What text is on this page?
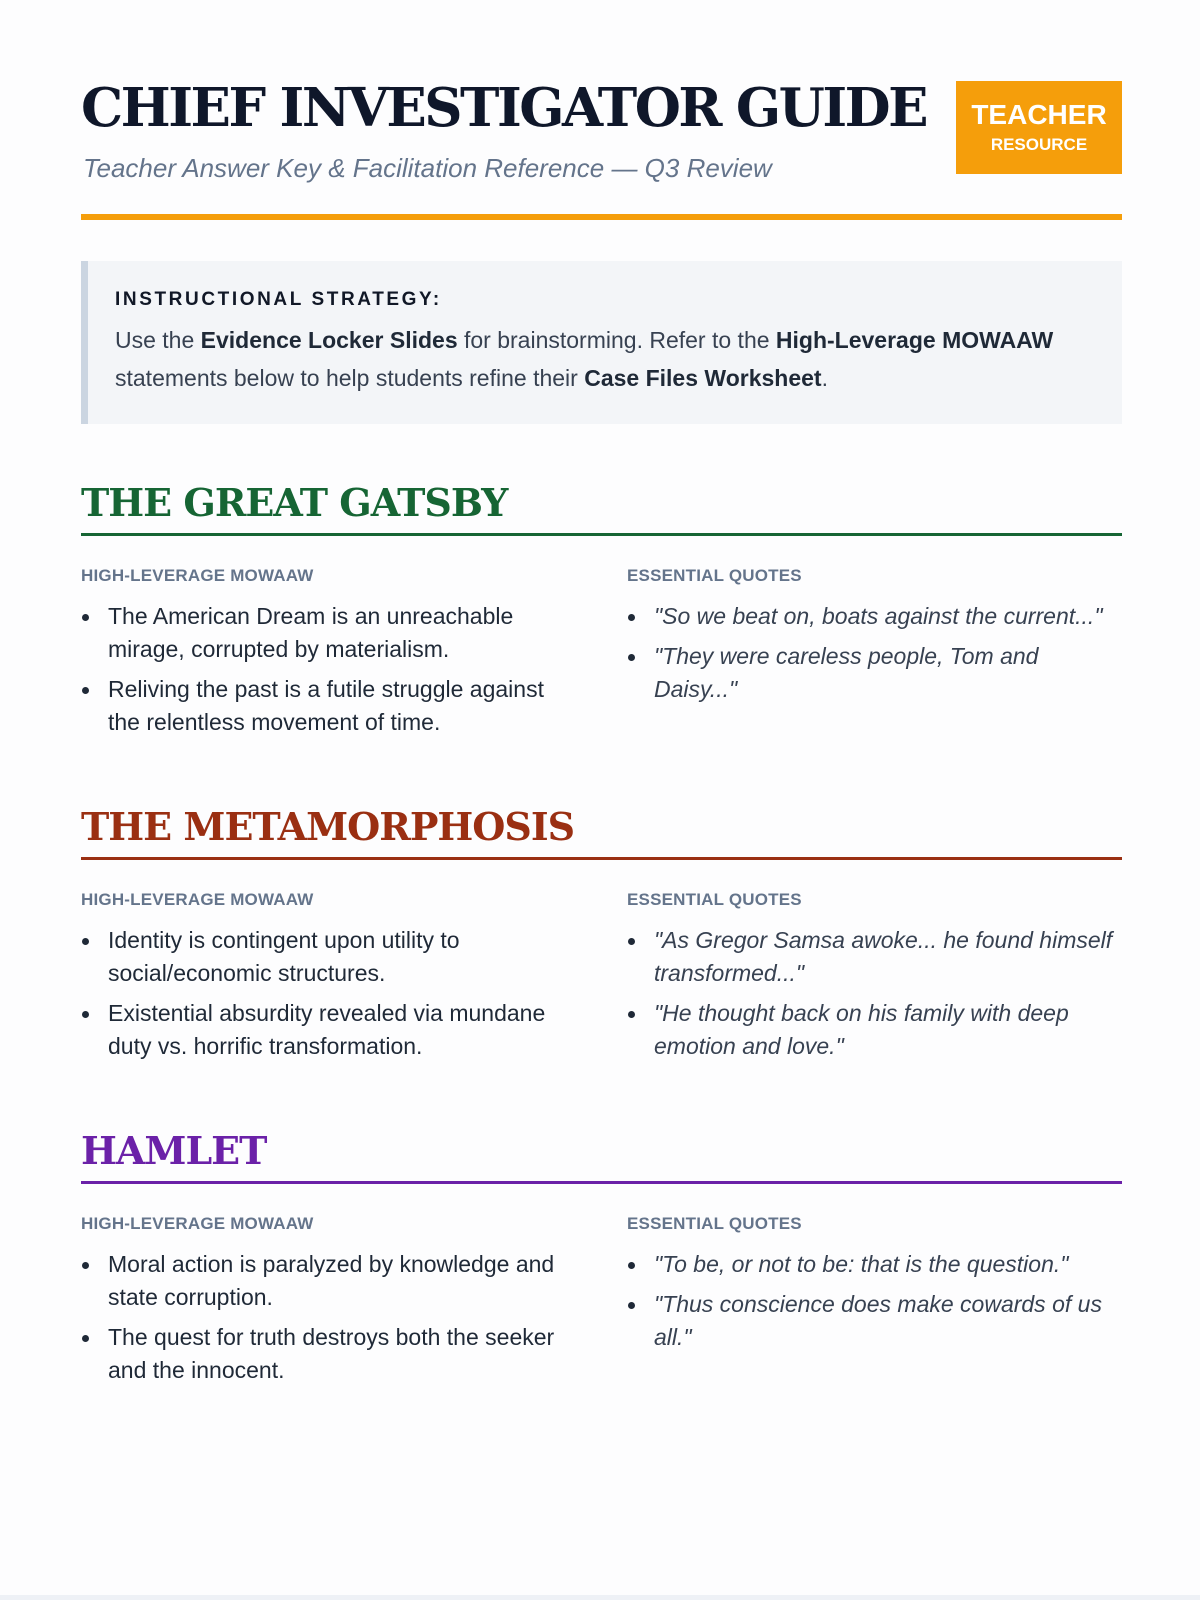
CHIEF INVESTIGATOR GUIDE
Teacher Answer Key & Facilitation Reference — Q3 Review
TEACHER
RESOURCE
INSTRUCTIONAL STRATEGY:
Use the Evidence Locker Slides for brainstorming. Refer to the High-Leverage MOWAAW statements below to help students refine their Case Files Worksheet.
THE GREAT GATSBY
HIGH-LEVERAGE MOWAAW
The American Dream is an unreachable mirage, corrupted by materialism.
Reliving the past is a futile struggle against the relentless movement of time.
ESSENTIAL QUOTES
"So we beat on, boats against the current..."
"They were careless people, Tom and Daisy..."
THE METAMORPHOSIS
HIGH-LEVERAGE MOWAAW
Identity is contingent upon utility to social/economic structures.
Existential absurdity revealed via mundane duty vs. horrific transformation.
ESSENTIAL QUOTES
"As Gregor Samsa awoke... he found himself transformed..."
"He thought back on his family with deep emotion and love."
HAMLET
HIGH-LEVERAGE MOWAAW
Moral action is paralyzed by knowledge and state corruption.
The quest for truth destroys both the seeker and the innocent.
ESSENTIAL QUOTES
"To be, or not to be: that is the question."
"Thus conscience does make cowards of us all."
